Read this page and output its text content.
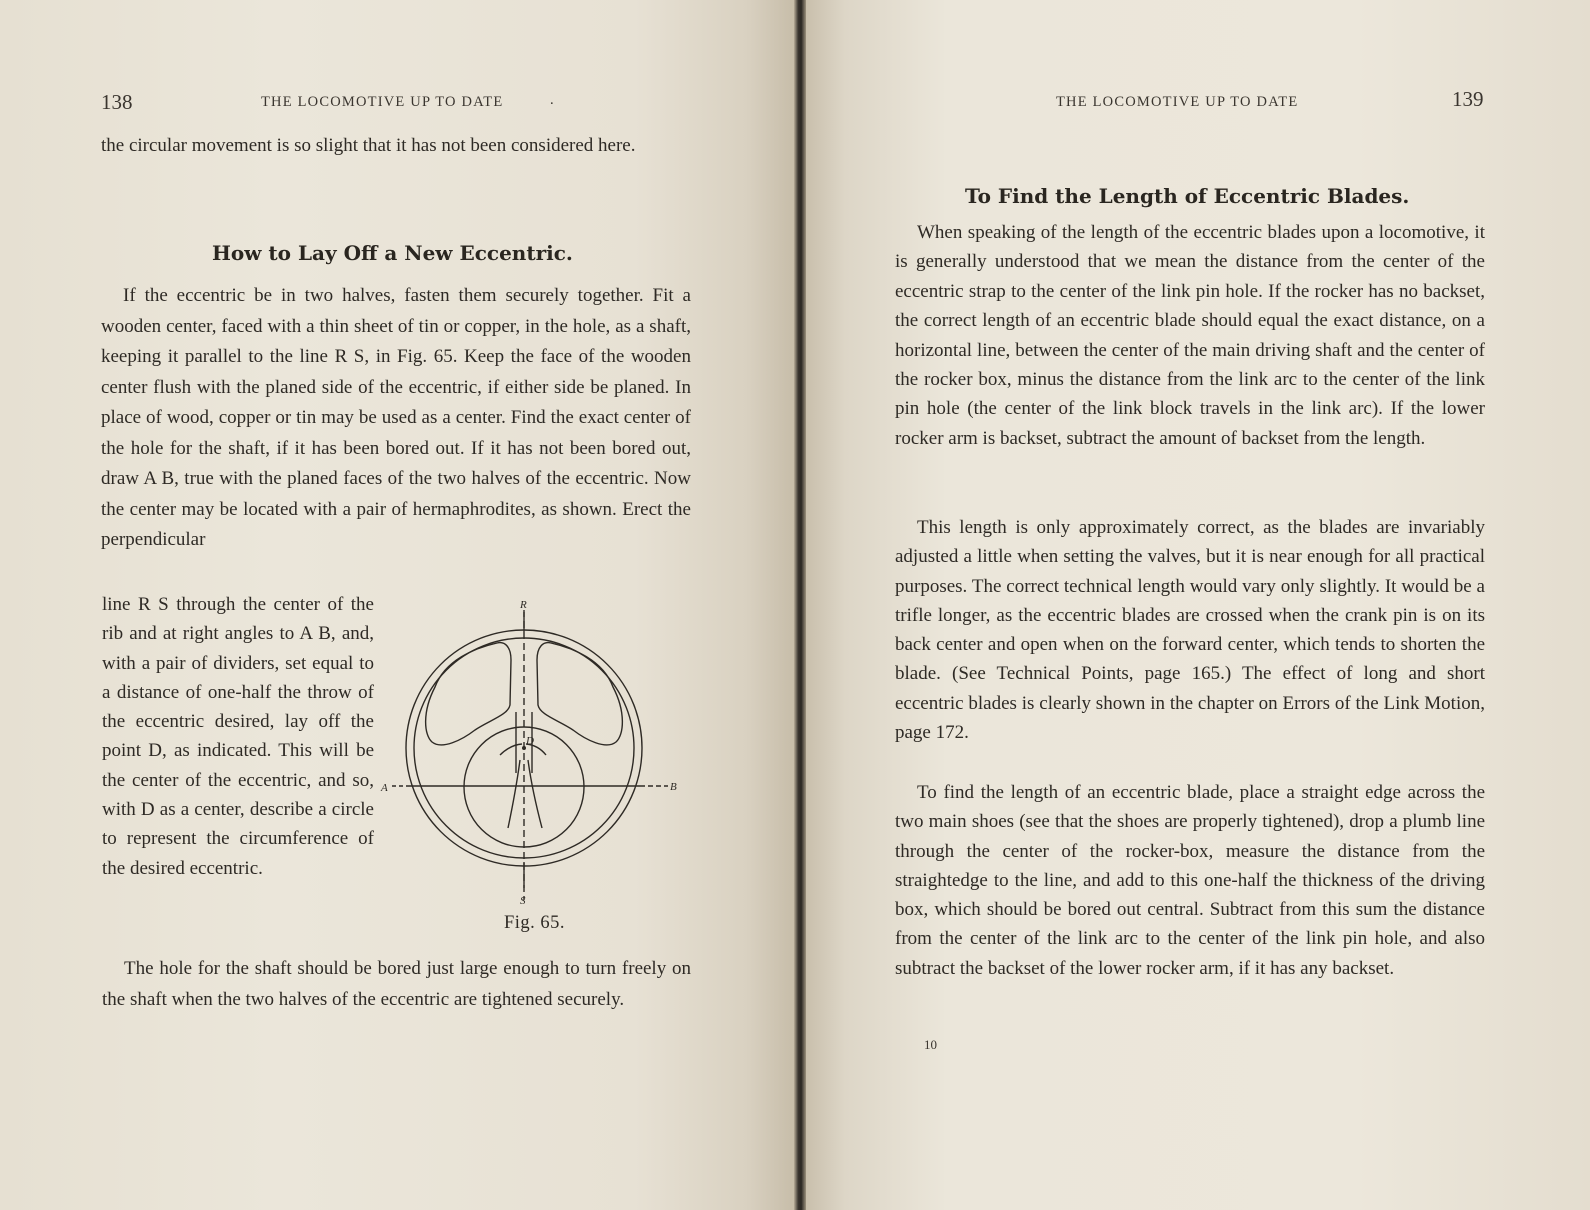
138	THE LOCOMOTIVE UP TO DATE	.

the circular movement is so slight that it has not been considered here.

How to Lay Off a New Eccentric.

If the eccentric be in two halves, fasten them securely together. Fit a wooden center, faced with a thin sheet of tin or copper, in the hole, as a shaft, keeping it parallel to the line R S, in Fig. 65. Keep the face of the wooden center flush with the planed side of the eccentric, if either side be planed. In place of wood, copper or tin may be used as a center. Find the exact center of the hole for the shaft, if it has been bored out. If it has not been bored out, draw A B, true with the planed faces of the two halves of the eccentric. Now the center may be located with a pair of hermaphrodites, as shown. Erect the perpendicular

line R S through the center of the rib and at right angles to A B, and, with a pair of dividers, set equal to a distance of one-half the throw of the eccentric desired, lay off the point D, as indicated. This will be the center of the eccentric, and so, with D as a center, describe a circle to represent the circumference of the desired eccentric.

R
S
A	B
D
Fig. 65.

The hole for the shaft should be bored just large enough to turn freely on the shaft when the two halves of the eccentric are tightened securely.

THE LOCOMOTIVE UP TO DATE	139
To Find the Length of Eccentric Blades.

When speaking of the length of the eccentric blades upon a locomotive, it is generally understood that we mean the distance from the center of the eccentric strap to the center of the link pin hole. If the rocker has no backset, the correct length of an eccentric blade should equal the exact distance, on a horizontal line, between the center of the main driving shaft and the center of the rocker box, minus the distance from the link arc to the center of the link pin hole (the center of the link block travels in the link arc). If the lower rocker arm is backset, subtract the amount of backset from the length.

This length is only approximately correct, as the blades are invariably adjusted a little when setting the valves, but it is near enough for all practical purposes. The correct technical length would vary only slightly. It would be a trifle longer, as the eccentric blades are crossed when the crank pin is on its back center and open when on the forward center, which tends to shorten the blade. (See Technical Points, page 165.) The effect of long and short eccentric blades is clearly shown in the chapter on Errors of the Link Motion, page 172.

To find the length of an eccentric blade, place a straight edge across the two main shoes (see that the shoes are properly tightened), drop a plumb line through the center of the rocker-box, measure the distance from the straightedge to the line, and add to this one-half the thickness of the driving box, which should be bored out central. Subtract from this sum the distance from the center of the link arc to the center of the link pin hole, and also subtract the backset of the lower rocker arm, if it has any backset.

10
